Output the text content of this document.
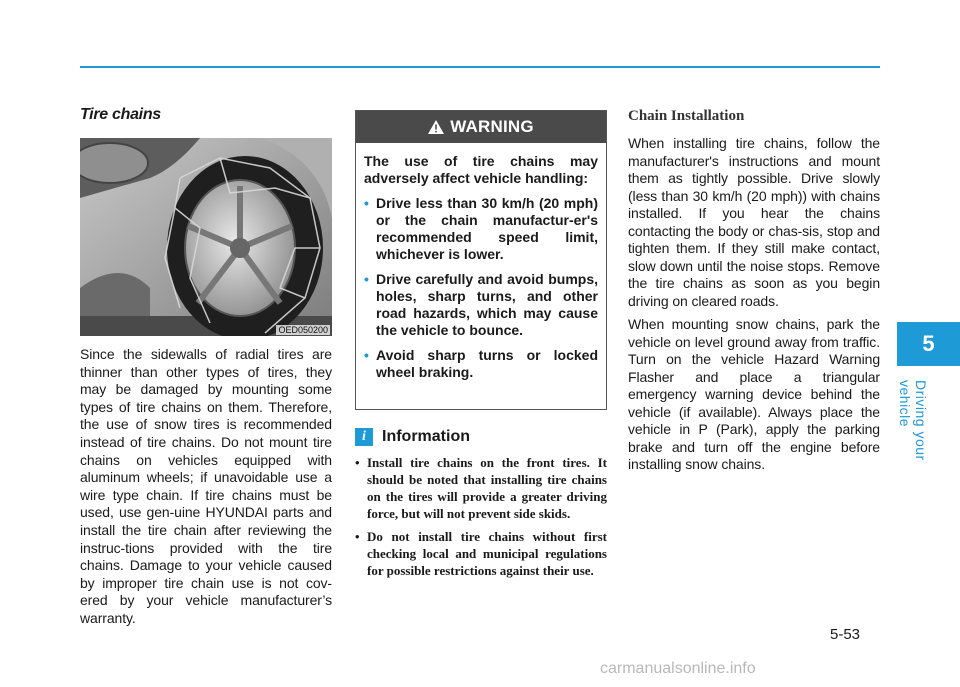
5
Driving your vehicle
Tire chains
OED050200

Since the sidewalls of radial tires are thinner than other types of tires, they may be damaged by mounting some types of tire chains on them. Therefore, the use of snow tires is recommended instead of tire chains. Do not mount tire chains on vehicles equipped with aluminum wheels; if unavoidable use a wire type chain. If tire chains must be used, use gen-uine HYUNDAI parts and install the tire chain after reviewing the instruc-tions provided with the tire chains. Damage to your vehicle caused by improper tire chain use is not cov-ered by your vehicle manufacturer’s warranty.

WARNING

The use of tire chains may adversely affect vehicle handling:

• Drive less than 30 km/h (20 mph) or the chain manufactur-er's recommended speed limit, whichever is lower.
• Drive carefully and avoid bumps, holes, sharp turns, and other road hazards, which may cause the vehicle to bounce.
• Avoid sharp turns or locked wheel braking.
i	Information
• Install tire chains on the front tires. It should be noted that installing tire chains on the tires will provide a greater driving force, but will not prevent side skids.
• Do not install tire chains without first checking local and municipal regulations for possible restrictions against their use.
Chain Installation

When installing tire chains, follow the manufacturer's instructions and mount them as tightly possible. Drive slowly (less than 30 km/h (20 mph)) with chains installed. If you hear the chains contacting the body or chas-sis, stop and tighten them. If they still make contact, slow down until the noise stops. Remove the tire chains as soon as you begin driving on cleared roads.

When mounting snow chains, park the vehicle on level ground away from traffic. Turn on the vehicle Hazard Warning Flasher and place a triangular emergency warning device behind the vehicle (if available). Always place the vehicle in P (Park), apply the parking brake and turn off the engine before installing snow chains.

5-53
carmanualsonline.info
